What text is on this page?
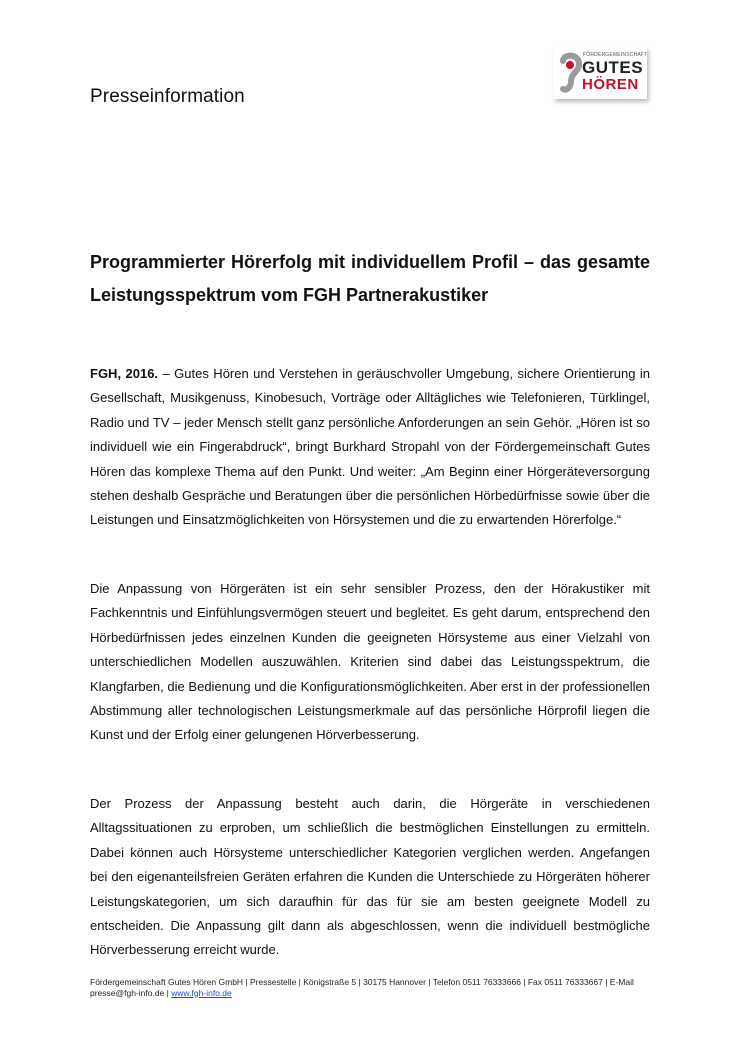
Presseinformation
FÖRDERGEMEINSCHAFT
GUTES
HÖREN
Programmierter Hörerfolg mit individuellem Profil – das gesamte Leistungsspektrum vom FGH Partnerakustiker
FGH, 2016. – Gutes Hören und Verstehen in geräuschvoller Umgebung, sichere Orientierung in Gesellschaft, Musikgenuss, Kinobesuch, Vorträge oder Alltägliches wie Telefonieren, Türklingel, Radio und TV – jeder Mensch stellt ganz persönliche Anforderungen an sein Gehör. „Hören ist so individuell wie ein Fingerabdruck“, bringt Burkhard Stropahl von der Fördergemeinschaft Gutes Hören das komplexe Thema auf den Punkt. Und weiter: „Am Beginn einer Hörgeräteversorgung stehen deshalb Gespräche und Beratungen über die persönlichen Hörbedürfnisse sowie über die Leistungen und Einsatzmöglichkeiten von Hörsystemen und die zu erwartenden Hörerfolge.“
Die Anpassung von Hörgeräten ist ein sehr sensibler Prozess, den der Hörakustiker mit Fachkenntnis und Einfühlungsvermögen steuert und begleitet. Es geht darum, entsprechend den Hörbedürfnissen jedes einzelnen Kunden die geeigneten Hörsysteme aus einer Vielzahl von unterschiedlichen Modellen auszuwählen. Kriterien sind dabei das Leistungsspektrum, die Klangfarben, die Bedienung und die Konfigurationsmöglichkeiten. Aber erst in der professionellen Abstimmung aller technologischen Leistungsmerkmale auf das persönliche Hörprofil liegen die Kunst und der Erfolg einer gelungenen Hörverbesserung.
Der Prozess der Anpassung besteht auch darin, die Hörgeräte in verschiedenen Alltagssituationen zu erproben, um schließlich die bestmöglichen Einstellungen zu ermitteln. Dabei können auch Hörsysteme unterschiedlicher Kategorien verglichen werden. Angefangen bei den eigenanteilsfreien Geräten erfahren die Kunden die Unterschiede zu Hörgeräten höherer Leistungskategorien, um sich daraufhin für das für sie am besten geeignete Modell zu entscheiden. Die Anpassung gilt dann als abgeschlossen, wenn die individuell bestmögliche Hörverbesserung erreicht wurde.
Fördergemeinschaft Gutes Hören GmbH | Pressestelle | Königstraße 5 | 30175 Hannover | Telefon 0511 76333666 | Fax 0511 76333667 | E-Mail presse@fgh-info.de | www.fgh-info.de
